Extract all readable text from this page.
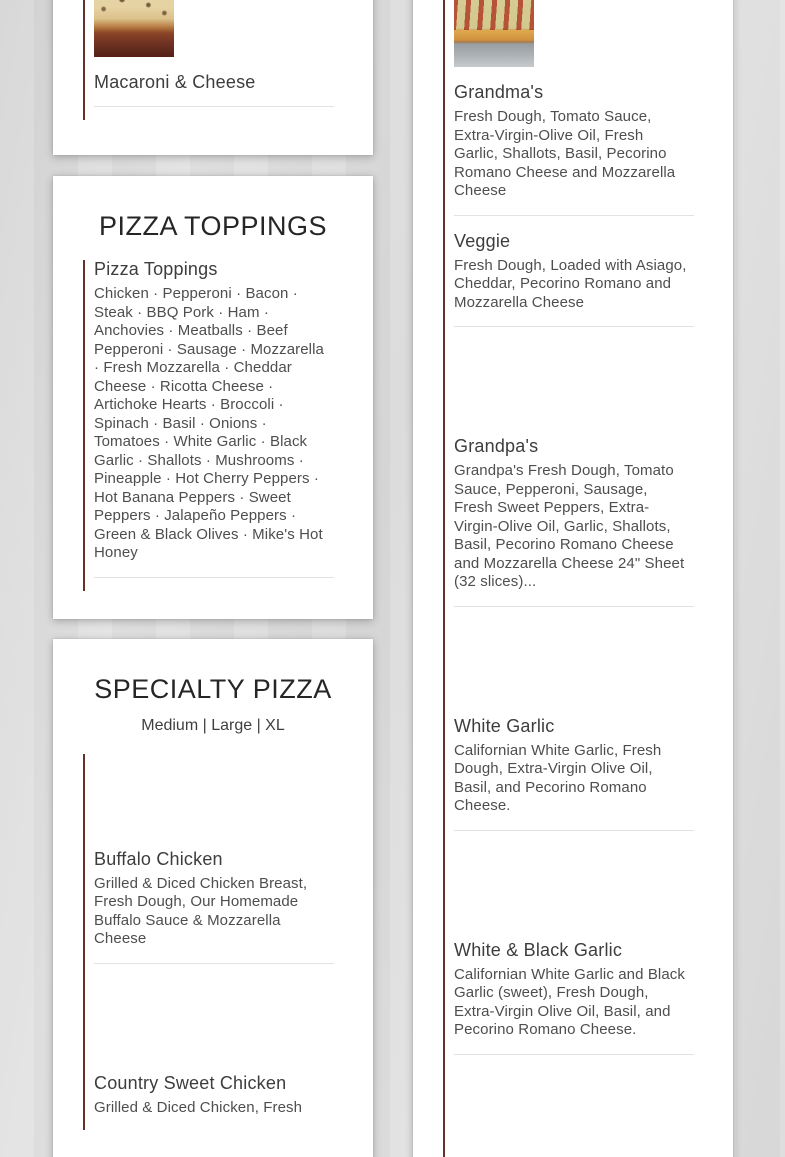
Macaroni & Cheese
PIZZA TOPPINGS
Pizza Toppings
Chicken · Pepperoni · Bacon · Steak · BBQ Pork · Ham · Anchovies · Meatballs · Beef Pepperoni · Sausage · Mozzarella · Fresh Mozzarella · Cheddar Cheese · Ricotta Cheese · Artichoke Hearts · Broccoli · Spinach · Basil · Onions · Tomatoes · White Garlic · Black Garlic · Shallots · Mushrooms · Pineapple · Hot Cherry Peppers · Hot Banana Peppers · Sweet Peppers · Jalapeño Peppers · Green & Black Olives · Mike's Hot Honey
SPECIALTY PIZZA
Medium | Large | XL
Buffalo Chicken
Grilled & Diced Chicken Breast, Fresh Dough, Our Homemade Buffalo Sauce & Mozzarella Cheese
Country Sweet Chicken
Grilled & Diced Chicken, Fresh
Grandma's
Fresh Dough, Tomato Sauce, Extra-Virgin-Olive Oil, Fresh Garlic, Shallots, Basil, Pecorino Romano Cheese and Mozzarella Cheese
Veggie
Fresh Dough, Loaded with Asiago, Cheddar, Pecorino Romano and Mozzarella Cheese
Grandpa's
Grandpa's Fresh Dough, Tomato Sauce, Pepperoni, Sausage, Fresh Sweet Peppers, Extra-Virgin-Olive Oil, Garlic, Shallots, Basil, Pecorino Romano Cheese and Mozzarella Cheese 24" Sheet (32 slices)...
White Garlic
Californian White Garlic, Fresh Dough, Extra-Virgin Olive Oil, Basil, and Pecorino Romano Cheese.
White & Black Garlic
Californian White Garlic and Black Garlic (sweet), Fresh Dough, Extra-Virgin Olive Oil, Basil, and Pecorino Romano Cheese.
